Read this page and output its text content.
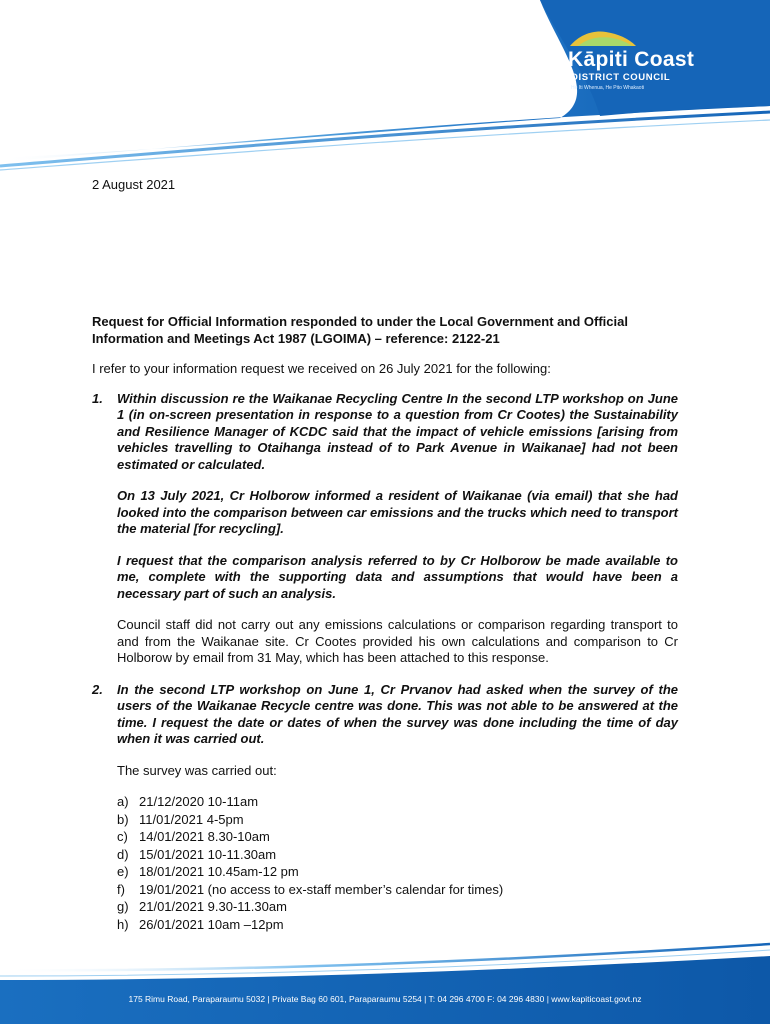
Kāpiti Coast
DISTRICT COUNCIL
He Iti Whenua, He Pito Whakaoti
2 August 2021

Request for Official Information responded to under the Local Government and Official Information and Meetings Act 1987 (LGOIMA) – reference: 2122-21

I refer to your information request we received on 26 July 2021 for the following:

1.	Within discussion re the Waikanae Recycling Centre In the second LTP workshop on June 1 (in on-screen presentation in response to a question from Cr Cootes) the Sustainability and Resilience Manager of KCDC said that the impact of vehicle emissions [arising from vehicles travelling to Otaihanga instead of to Park Avenue in Waikanae] had not been estimated or calculated.

On 13 July 2021, Cr Holborow informed a resident of Waikanae (via email) that she had looked into the comparison between car emissions and the trucks which need to transport the material [for recycling].

I request that the comparison analysis referred to by Cr Holborow be made available to me, complete with the supporting data and assumptions that would have been a necessary part of such an analysis.

Council staff did not carry out any emissions calculations or comparison regarding transport to and from the Waikanae site. Cr Cootes provided his own calculations and comparison to Cr Holborow by email from 31 May, which has been attached to this response.

2.	In the second LTP workshop on June 1, Cr Prvanov had asked when the survey of the users of the Waikanae Recycle centre was done. This was not able to be answered at the time. I request the date or dates of when the survey was done including the time of day when it was carried out.

The survey was carried out:

a) 21/12/2020 10-11am
b) 11/01/2021 4-5pm
c) 14/01/2021 8.30-10am
d) 15/01/2021 10-11.30am
e) 18/01/2021 10.45am-12 pm
f)	19/01/2021 (no access to ex-staff member’s calendar for times)
g) 21/01/2021 9.30-11.30am
h) 26/01/2021 10am –12pm
175 Rimu Road, Paraparaumu 5032 | Private Bag 60 601, Paraparaumu 5254 | T: 04 296 4700 F: 04 296 4830 | www.kapiticoast.govt.nz
